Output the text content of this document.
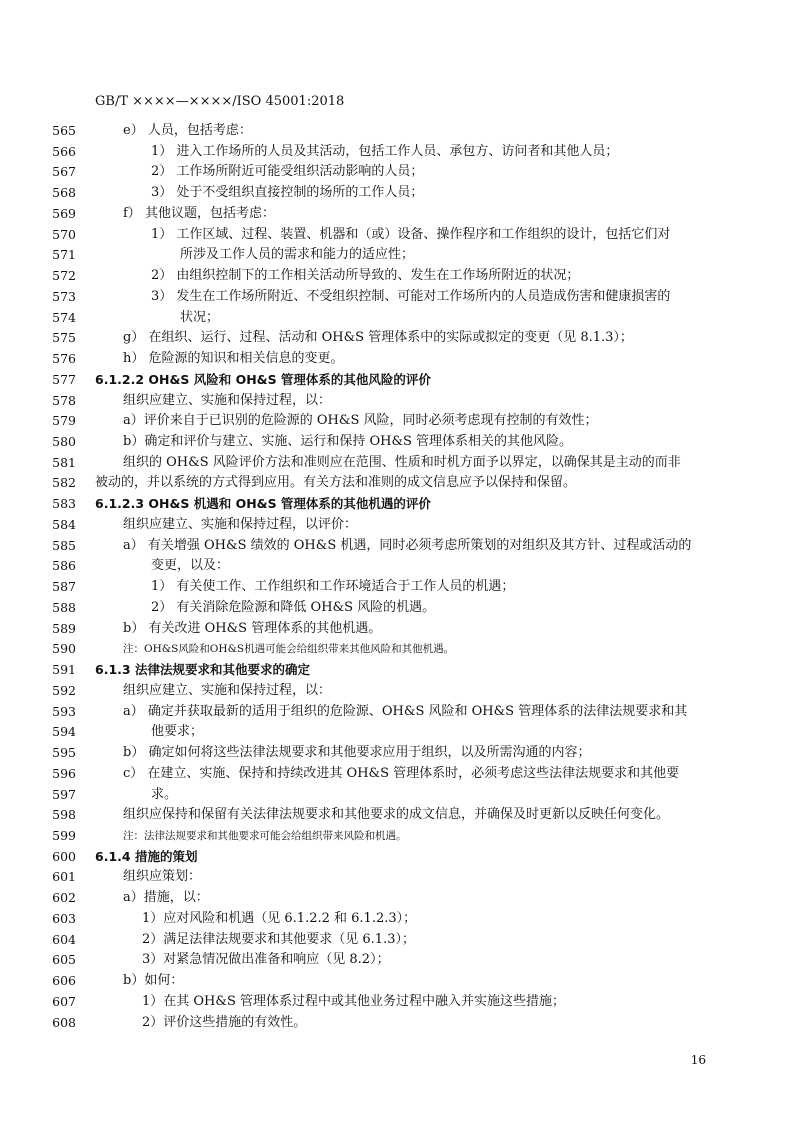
GB/T ××××—××××/ISO 45001:2018
565	e） 人员，包括考虑：
566	1） 进入工作场所的人员及其活动，包括工作人员、承包方、访问者和其他人员；
567	2） 工作场所附近可能受组织活动影响的人员；
568	3） 处于不受组织直接控制的场所的工作人员；
569	f） 其他议题，包括考虑：
570	1） 工作区域、过程、装置、机器和（或）设备、操作程序和工作组织的设计，包括它们对
571	所涉及工作人员的需求和能力的适应性；
572	2） 由组织控制下的工作相关活动所导致的、发生在工作场所附近的状况；
573	3） 发生在工作场所附近、不受组织控制、可能对工作场所内的人员造成伤害和健康损害的
574	状况；
575	g） 在组织、运行、过程、活动和 OH&S 管理体系中的实际或拟定的变更（见 8.1.3）；
576	h） 危险源的知识和相关信息的变更。
577 6.1.2.2 OH&S 风险和 OH&S 管理体系的其他风险的评价
578	组织应建立、实施和保持过程，以：
579	a）评价来自于已识别的危险源的 OH&S 风险，同时必须考虑现有控制的有效性；
580	b）确定和评价与建立、实施、运行和保持 OH&S 管理体系相关的其他风险。
581	组织的 OH&S 风险评价方法和准则应在范围、性质和时机方面予以界定，以确保其是主动的而非
582 被动的，并以系统的方式得到应用。有关方法和准则的成文信息应予以保持和保留。
583 6.1.2.3 OH&S 机遇和 OH&S 管理体系的其他机遇的评价
584	组织应建立、实施和保持过程，以评价：
585	a） 有关增强 OH&S 绩效的 OH&S 机遇，同时必须考虑所策划的对组织及其方针、过程或活动的
586	变更，以及：
587	1） 有关使工作、工作组织和工作环境适合于工作人员的机遇；
588	2） 有关消除危险源和降低 OH&S 风险的机遇。
589	b） 有关改进 OH&S 管理体系的其他机遇。
590	注：OH&S风险和OH&S机遇可能会给组织带来其他风险和其他机遇。
591 6.1.3 法律法规要求和其他要求的确定
592	组织应建立、实施和保持过程，以：
593	a） 确定并获取最新的适用于组织的危险源、OH&S 风险和 OH&S 管理体系的法律法规要求和其
594	他要求；
595	b） 确定如何将这些法律法规要求和其他要求应用于组织，以及所需沟通的内容；
596	c） 在建立、实施、保持和持续改进其 OH&S 管理体系时，必须考虑这些法律法规要求和其他要
597	求。
598	组织应保持和保留有关法律法规要求和其他要求的成文信息，并确保及时更新以反映任何变化。
599	注：法律法规要求和其他要求可能会给组织带来风险和机遇。
600 6.1.4 措施的策划
601	组织应策划：
602	a）措施，以：
603	1）应对风险和机遇（见 6.1.2.2 和 6.1.2.3）；
604	2）满足法律法规要求和其他要求（见 6.1.3）；
605	3）对紧急情况做出准备和响应（见 8.2）；
606	b）如何：
607	1）在其 OH&S 管理体系过程中或其他业务过程中融入并实施这些措施；
608	2）评价这些措施的有效性。
16
